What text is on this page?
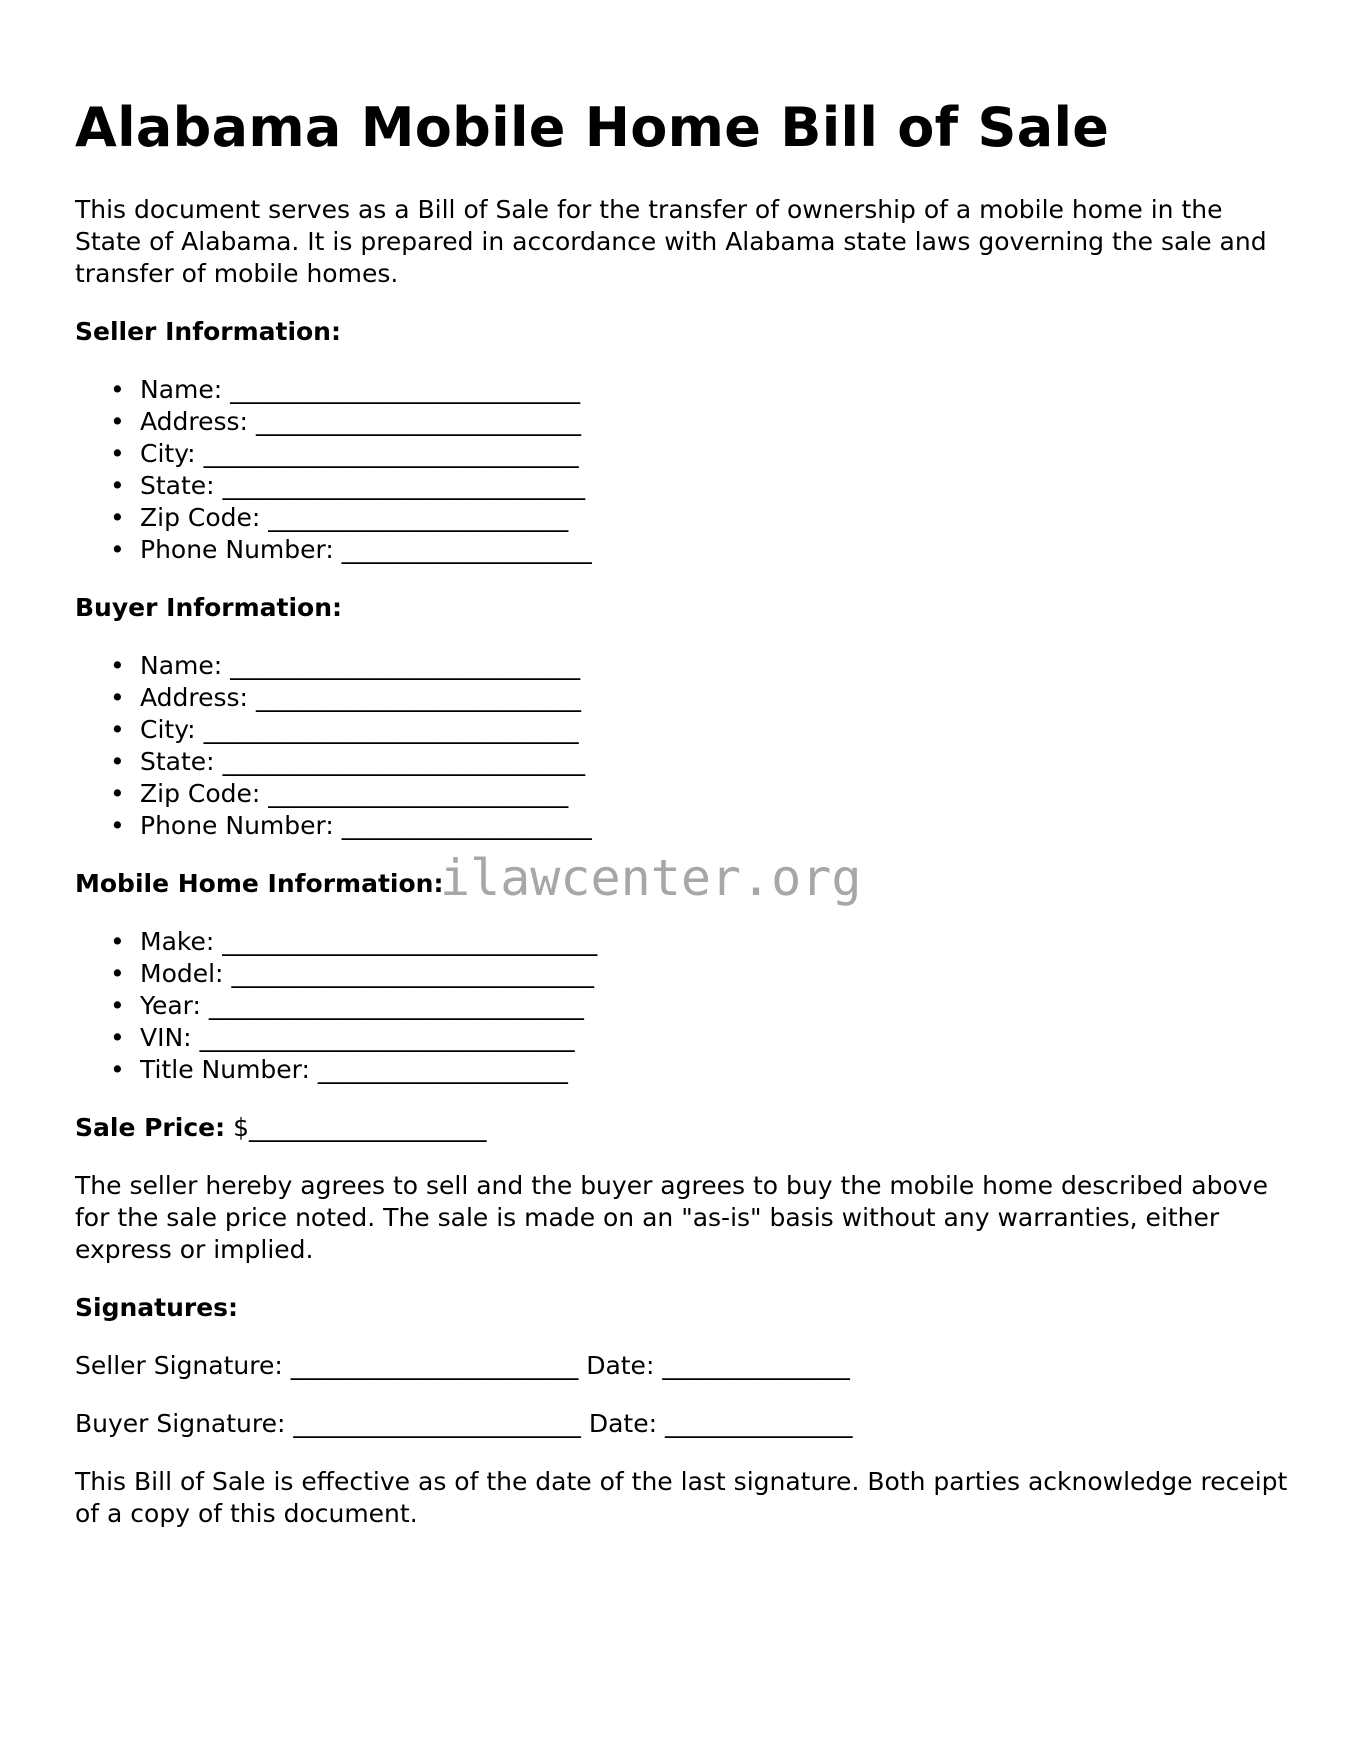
Alabama Mobile Home Bill of Sale

This document serves as a Bill of Sale for the transfer of ownership of a mobile home in the State of Alabama. It is prepared in accordance with Alabama state laws governing the sale and transfer of mobile homes.

Seller Information:
• Name: ____________________________
• Address: __________________________
• City: ______________________________
• State: _____________________________
• Zip Code: ________________________
• Phone Number: ____________________
Buyer Information:
• Name: ____________________________
• Address: __________________________
• City: ______________________________
• State: _____________________________
• Zip Code: ________________________
• Phone Number: ____________________
Mobile Home Information:
• Make: ______________________________
• Model: _____________________________
• Year: ______________________________
• VIN: ______________________________
• Title Number: ____________________
Sale Price: $___________________

The seller hereby agrees to sell and the buyer agrees to buy the mobile home described above for the sale price noted. The sale is made on an "as-is" basis without any warranties, either express or implied.

Signatures:
Seller Signature: _______________________ Date: _______________
Buyer Signature: _______________________ Date: _______________

This Bill of Sale is effective as of the date of the last signature. Both parties acknowledge receipt of a copy of this document.

ilawcenter.org
